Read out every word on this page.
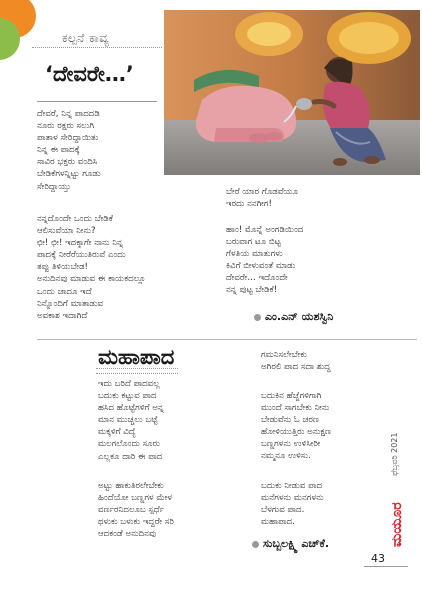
ಕಲ್ಪನೆ ಕಾವ್ಯ
‘ದೇವರೇ…’
ದೇವರೆ, ನಿನ್ನ ಪಾದದಡಿ
ನೂರು ರಕ್ಷರು ಸಲುಗಿ
ಪಾತಾಳ ಸೇರಿದ್ದಾಯಿತು
ನಿನ್ನ ಈ ಪಾದಕ್ಕೆ
ಸಾವಿರ ಭಕ್ತರು ವಂದಿಸಿ
ಬೇಡಿಕೆಗಳನ್ನಿಟ್ಟು ಗೂಡು
ಸೇರಿದ್ದಾಯ್ತು
ನನ್ನದೊಂದೇ ಒಂದು ಬೇಡಿಕೆ
ಆಲಿಸುವೆಯಾ ನೀನು?
ಛೀ! ಛೀ! ಇದಕ್ಕಾಗೇ ನಾನು ನಿನ್ನ
ಪಾದಕ್ಕೆ ನೀರೆರೆಯುತಿರುವೆ ಎಂದು
ತಪ್ಪು ತಿಳಿಯಬೇಡ!
ಅನುದಿನವು ಮಾಡುವ ಈ ಕಾಯಕದಲ್ಲೂ
ಒಂದು ಜಾದೂ ಇದೆ
ನಿನ್ನೊಂದಿಗೆ ಮಾತಾಡುವ
ಅವಕಾಶ ಇದಾಗಿದೆ
ಬೇರೆ ಯಾರ ಗೊಡವೆಯೂ
ಇರದು ನನಗೀಗ!
ಹಾಂ! ಮೊನ್ನೆ ಅಂಗಡಿಯಿಂದ
ಬರುವಾಗ ಟೂ ಬಿಟ್ಟ
ಗೆಳತಿಯ ಮಾತುಗಳು
ಕಿವಿಗೆ ಬೀಳುವಂತೆ ಮಾಡು
ದೇವರೇ… ಇದೊಂದೇ
ನನ್ನ ಪುಟ್ಟ ಬೇಡಿಕೆ!
ಎಂ.ಎನ್ ಯಶಸ್ವಿನಿ
ಮಹಾಪಾದ
ಇದು ಬರಿದೆ ಪಾದವಲ್ಲ
ಬದುಕು ಕಟ್ಟುವ ಪಾದ
ಹಸಿದ ಹೊಟ್ಟೆಗಳಿಗೆ ಅನ್ನ
ಮಾನ ಮುಚ್ಚಲು ಬಟ್ಟೆ
ಮಕ್ಕಳಿಗೆ ವಿದ್ಯೆ
ಮಲಗಲೊಂದು ಸೂರು
ಎಲ್ಲಕೂ ದಾರಿ ಈ ಪಾದ
ಅಟ್ಟು ಹಾಕುತಿರಲೇಬೇಕು
ಹಿಂದೆಯೋ ಬಣ್ಣಗಳ ಮೇಳ
ವರ್ಣರನಿದಲೂಬ ಸ್ಪರ್ಧೆ
ಥಳುಕು ಬಳುಕು ಇದ್ದರೇ ಸರಿ
ಆದಕಂಡೆ ಅನುದಿನವು
ಗಮನಿಸಲೇಬೇಕು
ಅಗಿರಲಿ ಪಾದ ಸದಾ ಶುದ್ಧ
ಬದುಕಿನ ಹೆಜ್ಜೆಗಳಿಗಾಗಿ
ಮುಂದೆ ಸಾಗಬೇಕು ನೀನು
ಬೇಡುವೆನು ಓ ಚರಣ
ಹೋಳಿಯುತ್ತಿರು ಅನುಕ್ಷಣ
ಬಣ್ಣಗಳನು ಉಳಿಸೀರೀ
ನಮ್ಮನೂ ಉಳಿಸು.
ಬದುಕು ನೀಡುವ ಪಾದ
ಮನೆಗಳನು ಮನಗಳನು
ಬೆಳಗುವ ಪಾದ.
ಮಹಾಪಾದ.
ಸುಬ್ಬಲಕ್ಷ್ಮಿ ಎಚ್‌ಕೆ.
ಫೆಬ್ರವರಿ 2021
ಮಯೂರ
43
